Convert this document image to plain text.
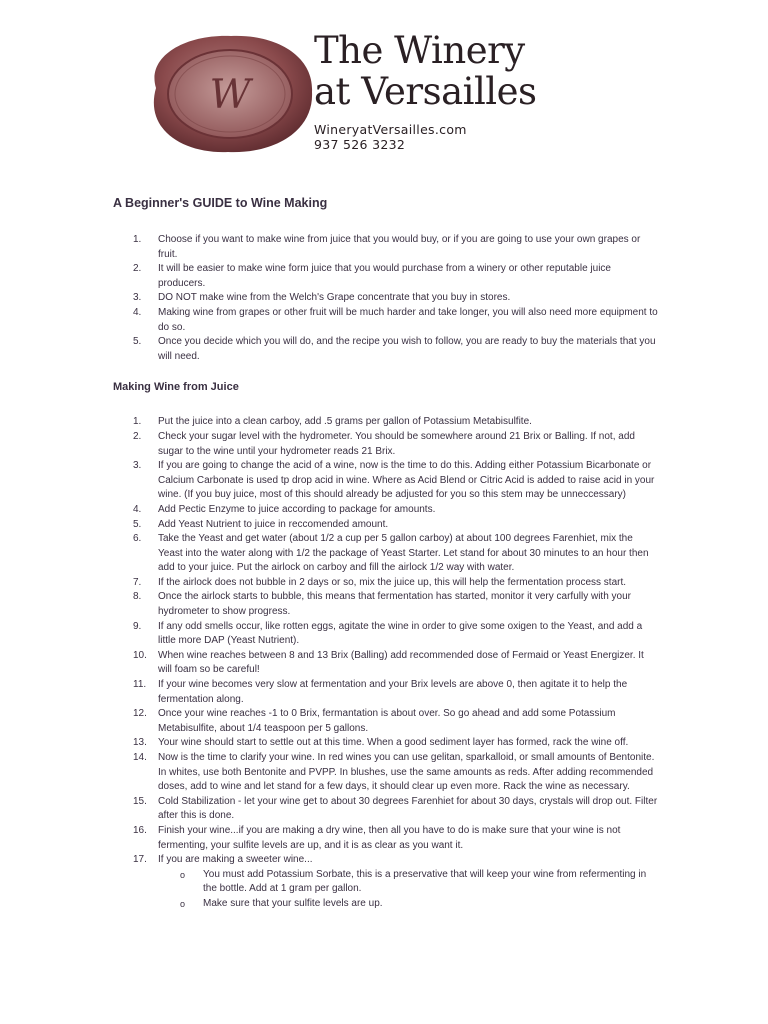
W
The Winery
at Versailles
WineryatVersailles.com
937 526 3232
A Beginner's GUIDE to Wine Making
1.	Choose if you want to make wine from juice that you would buy, or if you are going to use your own grapes or fruit.
2.	It will be easier to make wine form juice that you would purchase from a winery or other reputable juice producers.
3.	DO NOT make wine from the Welch's Grape concentrate that you buy in stores.
4.	Making wine from grapes or other fruit will be much harder and take longer, you will also need more equipment to do so.
5.	Once you decide which you will do, and the recipe you wish to follow, you are ready to buy the materials that you will need.
Making Wine from Juice
1.	Put the juice into a clean carboy, add .5 grams per gallon of Potassium Metabisulfite.
2.	Check your sugar level with the hydrometer. You should be somewhere around 21 Brix or Balling. If not, add sugar to the wine until your hydrometer reads 21 Brix.
3.	If you are going to change the acid of a wine, now is the time to do this. Adding either Potassium Bicarbonate or Calcium Carbonate is used tp drop acid in wine. Where as Acid Blend or Citric Acid is added to raise acid in your wine. (If you buy juice, most of this should already be adjusted for you so this stem may be unneccessary)
4.	Add Pectic Enzyme to juice according to package for amounts.
5.	Add Yeast Nutrient to juice in reccomended amount.
6.	Take the Yeast and get water (about 1/2 a cup per 5 gallon carboy) at about 100 degrees Farenhiet, mix the Yeast into the water along with 1/2 the package of Yeast Starter. Let stand for about 30 minutes to an hour then add to your juice. Put the airlock on carboy and fill the airlock 1/2 way with water.
7.	If the airlock does not bubble in 2 days or so, mix the juice up, this will help the fermentation process start.
8.	Once the airlock starts to bubble, this means that fermentation has started, monitor it very carfully with your hydrometer to show progress.
9.	If any odd smells occur, like rotten eggs, agitate the wine in order to give some oxigen to the Yeast, and add a little more DAP (Yeast Nutrient).
10.	When wine reaches between 8 and 13 Brix (Balling) add recommended dose of Fermaid or Yeast Energizer. It will foam so be careful!
11.	If your wine becomes very slow at fermentation and your Brix levels are above 0, then agitate it to help the fermentation along.
12.	Once your wine reaches -1 to 0 Brix, fermantation is about over. So go ahead and add some Potassium Metabisulfite, about 1/4 teaspoon per 5 gallons.
13.	Your wine should start to settle out at this time. When a good sediment layer has formed, rack the wine off.
14.	Now is the time to clarify your wine. In red wines you can use gelitan, sparkalloid, or small amounts of Bentonite. In whites, use both Bentonite and PVPP. In blushes, use the same amounts as reds. After adding recommended doses, add to wine and let stand for a few days, it should clear up even more. Rack the wine as necessary.
15.	Cold Stabilization - let your wine get to about 30 degrees Farenhiet for about 30 days, crystals will drop out. Filter after this is done.
16.	Finish your wine...if you are making a dry wine, then all you have to do is make sure that your wine is not fermenting, your sulfite levels are up, and it is as clear as you want it.
17.	If you are making a sweeter wine...
o You must add Potassium Sorbate, this is a preservative that will keep your wine from refermenting in the bottle. Add at 1 gram per gallon.
o Make sure that your sulfite levels are up.
